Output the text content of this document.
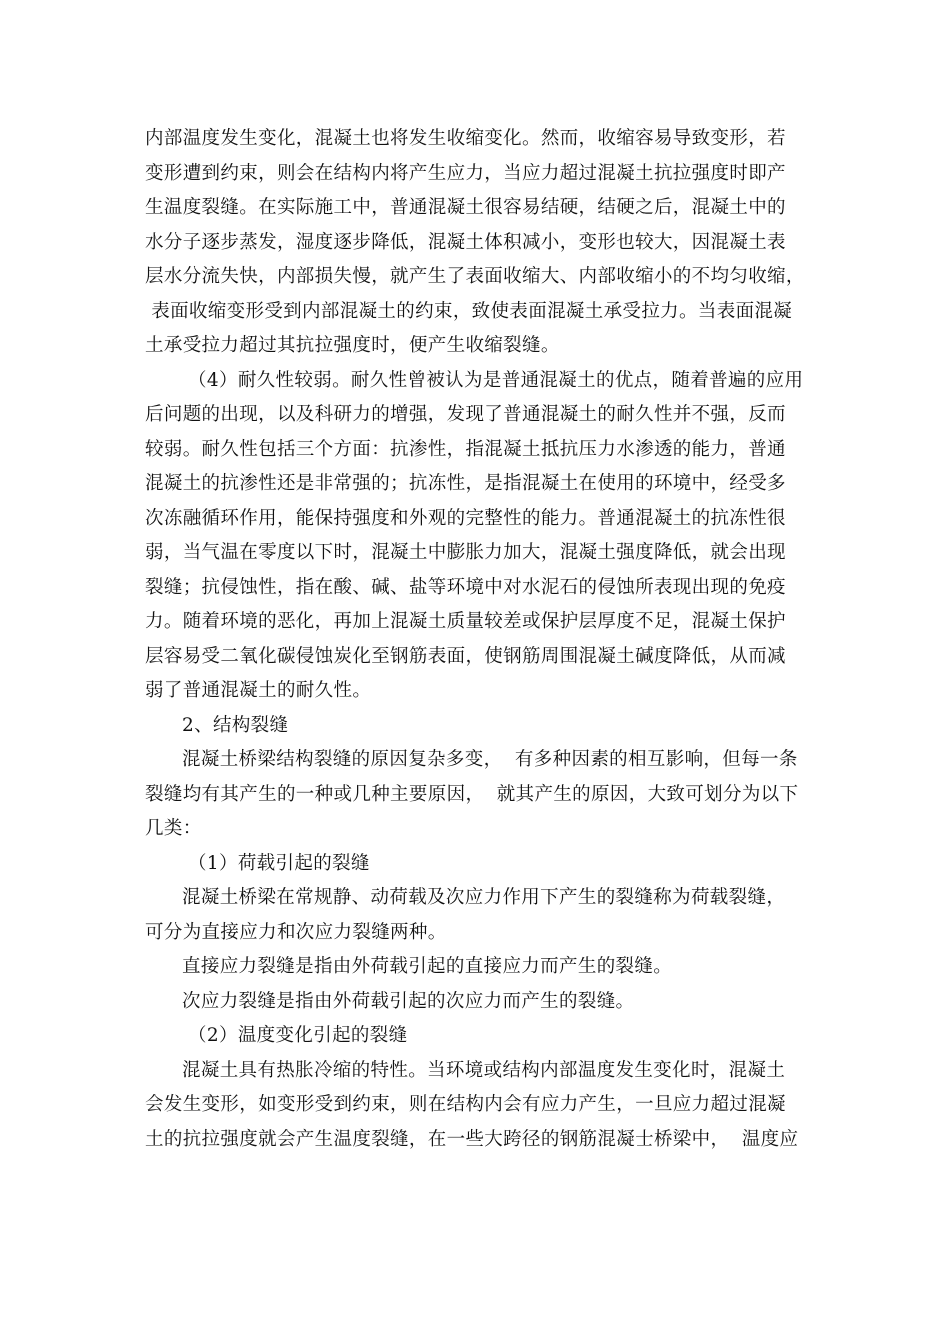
内部温度发生变化，混凝土也将发生收缩变化。然而，收缩容易导致变形，若
变形遭到约束，则会在结构内将产生应力，当应力超过混凝土抗拉强度时即产
生温度裂缝。在实际施工中，普通混凝土很容易结硬，结硬之后，混凝土中的
水分子逐步蒸发，湿度逐步降低，混凝土体积减小，变形也较大，因混凝土表
层水分流失快，内部损失慢，就产生了表面收缩大、内部收缩小的不均匀收缩，
表面收缩变形受到内部混凝土的约束，致使表面混凝土承受拉力。当表面混凝
土承受拉力超过其抗拉强度时，便产生收缩裂缝。
（4）耐久性较弱。耐久性曾被认为是普通混凝土的优点，随着普遍的应用
后问题的出现，以及科研力的增强，发现了普通混凝土的耐久性并不强，反而
较弱。耐久性包括三个方面：抗渗性，指混凝土抵抗压力水渗透的能力，普通
混凝土的抗渗性还是非常强的；抗冻性，是指混凝土在使用的环境中，经受多
次冻融循环作用，能保持强度和外观的完整性的能力。普通混凝土的抗冻性很
弱，当气温在零度以下时，混凝土中膨胀力加大，混凝土强度降低，就会出现
裂缝；抗侵蚀性，指在酸、碱、盐等环境中对水泥石的侵蚀所表现出现的免疫
力。随着环境的恶化，再加上混凝土质量较差或保护层厚度不足，混凝土保护
层容易受二氧化碳侵蚀炭化至钢筋表面，使钢筋周围混凝土碱度降低，从而减
弱了普通混凝土的耐久性。
2、结构裂缝
混凝土桥梁结构裂缝的原因复杂多变，  有多种因素的相互影响，但每一条
裂缝均有其产生的一种或几种主要原因，  就其产生的原因，大致可划分为以下
几类：
（1）荷载引起的裂缝
混凝土桥梁在常规静、动荷载及次应力作用下产生的裂缝称为荷载裂缝，
可分为直接应力和次应力裂缝两种。
直接应力裂缝是指由外荷载引起的直接应力而产生的裂缝。
次应力裂缝是指由外荷载引起的次应力而产生的裂缝。
（2）温度变化引起的裂缝
混凝土具有热胀冷缩的特性。当环境或结构内部温度发生变化时，混凝土
会发生变形，如变形受到约束，则在结构内会有应力产生，一旦应力超过混凝
土的抗拉强度就会产生温度裂缝，在一些大跨径的钢筋混凝士桥梁中，  温度应
